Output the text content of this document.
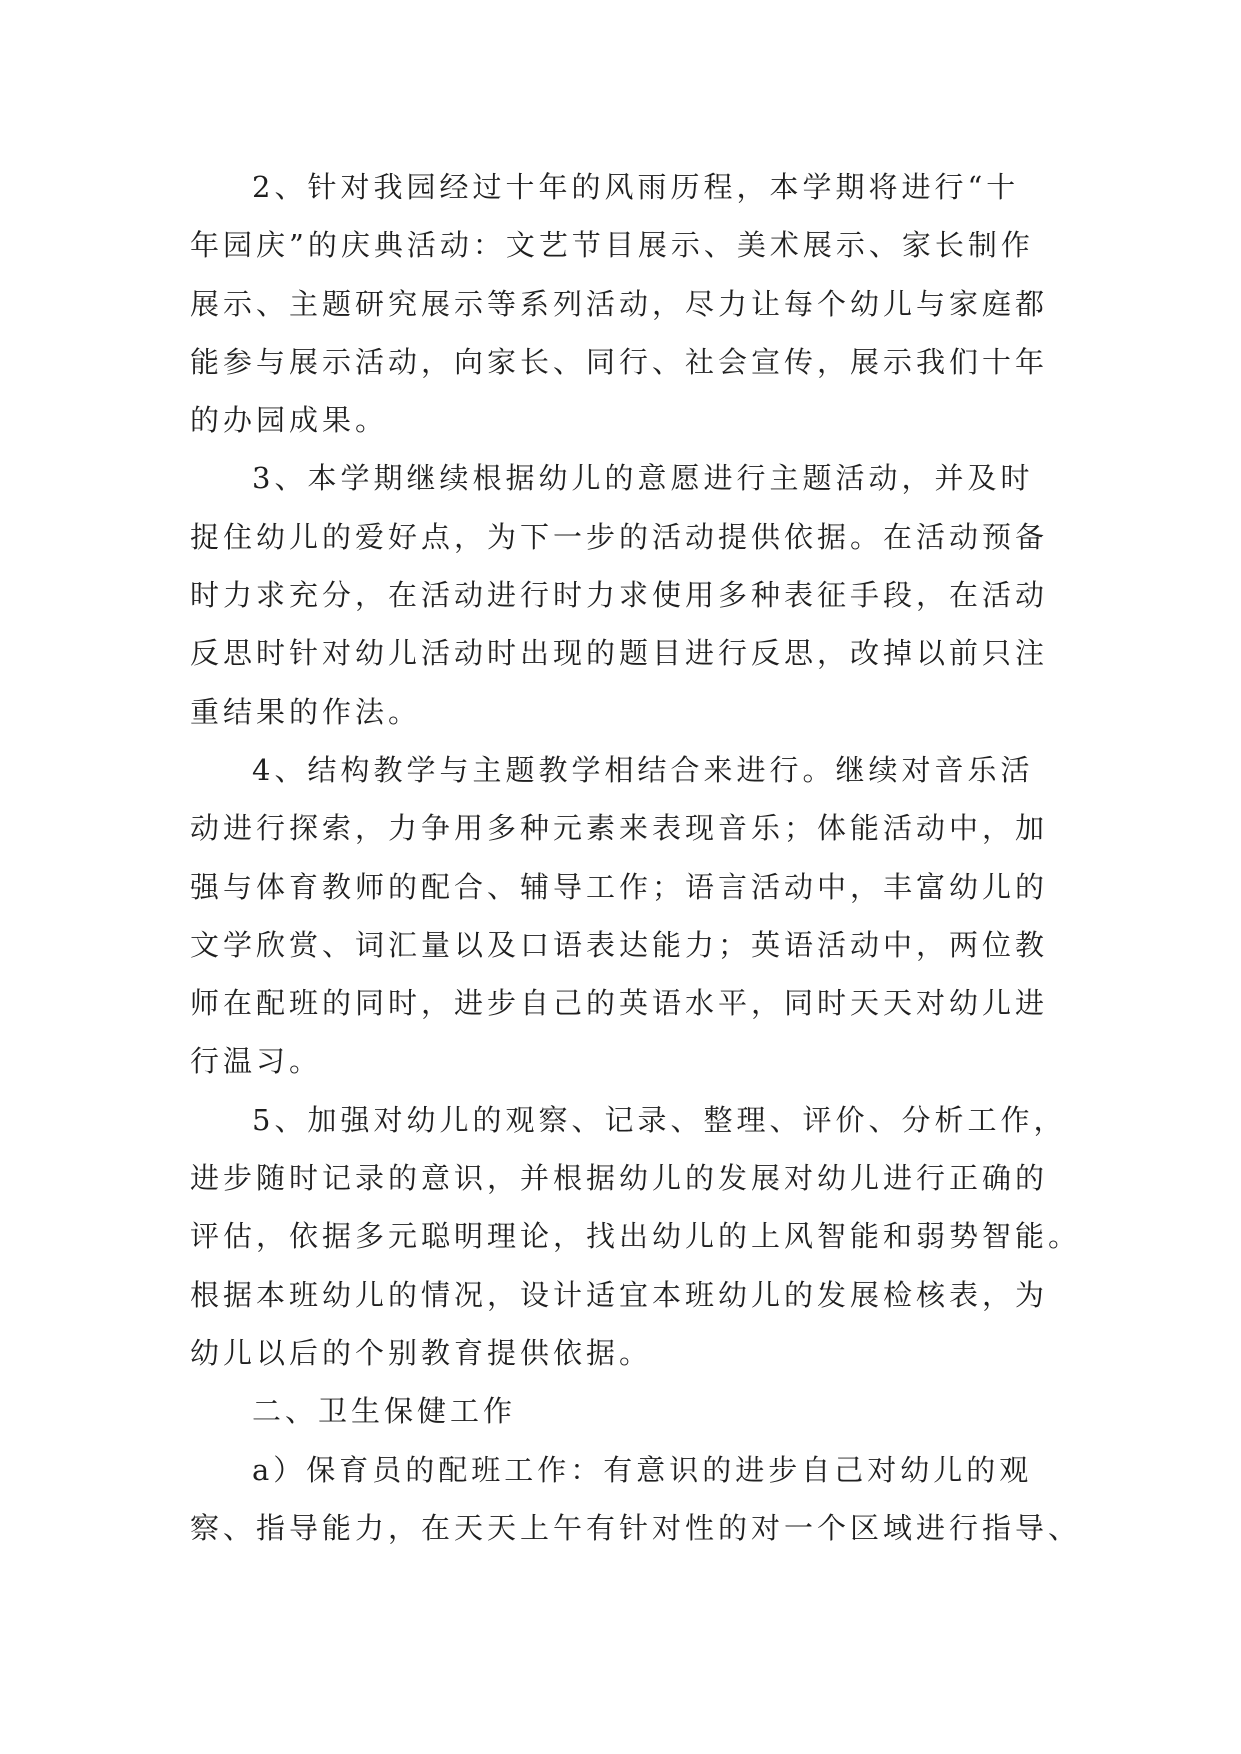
2、针对我园经过十年的风雨历程，本学期将进行“十
年园庆”的庆典活动：文艺节目展示、美术展示、家长制作
展示、主题研究展示等系列活动，尽力让每个幼儿与家庭都
能参与展示活动，向家长、同行、社会宣传，展示我们十年
的办园成果。
3、本学期继续根据幼儿的意愿进行主题活动，并及时
捉住幼儿的爱好点，为下一步的活动提供依据。在活动预备
时力求充分，在活动进行时力求使用多种表征手段，在活动
反思时针对幼儿活动时出现的题目进行反思，改掉以前只注
重结果的作法。
4、结构教学与主题教学相结合来进行。继续对音乐活
动进行探索，力争用多种元素来表现音乐；体能活动中，加
强与体育教师的配合、辅导工作；语言活动中，丰富幼儿的
文学欣赏、词汇量以及口语表达能力；英语活动中，两位教
师在配班的同时，进步自己的英语水平，同时天天对幼儿进
行温习。
5、加强对幼儿的观察、记录、整理、评价、分析工作，
进步随时记录的意识，并根据幼儿的发展对幼儿进行正确的
评估，依据多元聪明理论，找出幼儿的上风智能和弱势智能。
根据本班幼儿的情况，设计适宜本班幼儿的发展检核表，为
幼儿以后的个别教育提供依据。
二、卫生保健工作
a）保育员的配班工作：有意识的进步自己对幼儿的观
察、指导能力，在天天上午有针对性的对一个区域进行指导、
